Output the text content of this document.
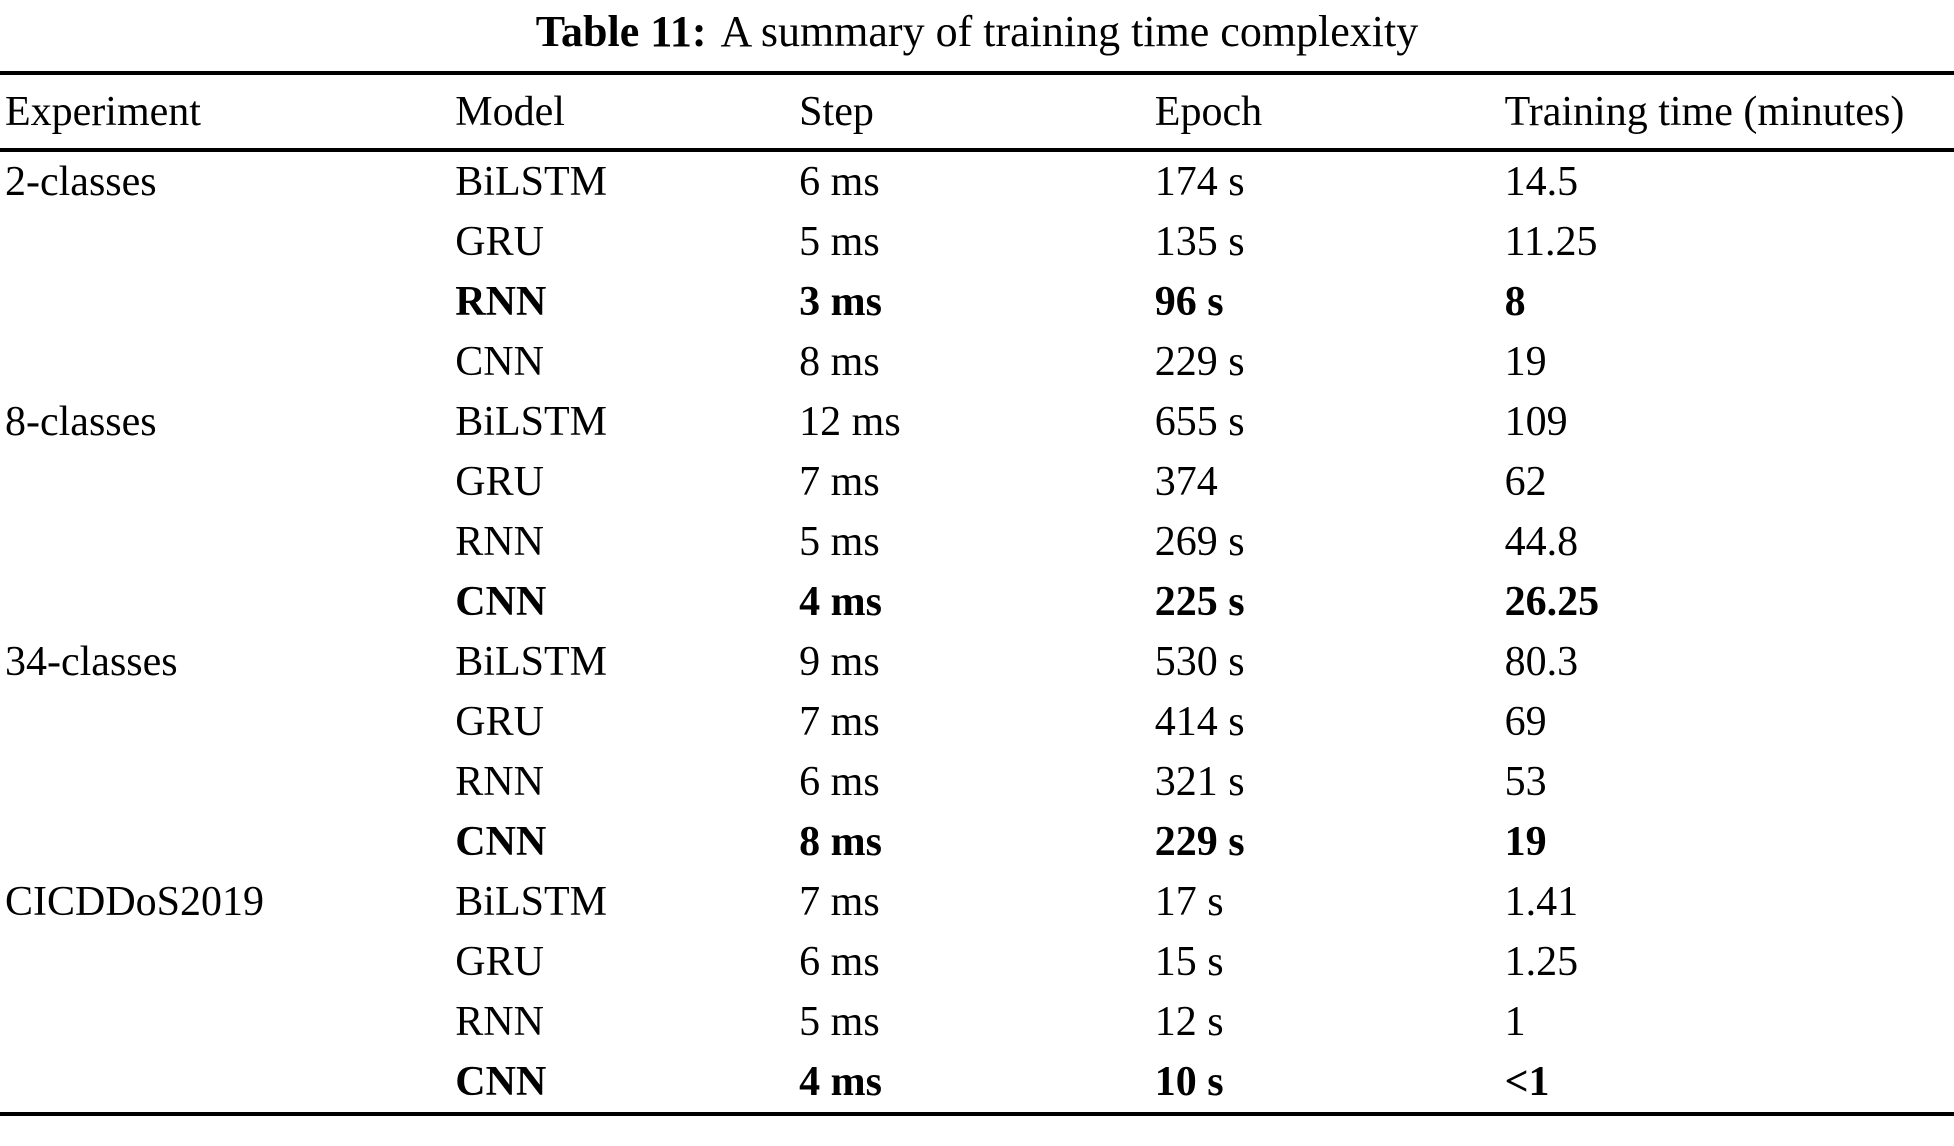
Table 11: A summary of training time complexity
Experiment	Model	Step	Epoch	Training time (minutes)
2-classes	BiLSTM	6 ms	174 s	14.5
	GRU	5 ms	135 s	11.25
	RNN	3 ms	96 s	8
	CNN	8 ms	229 s	19
8-classes	BiLSTM	12 ms	655 s	109
	GRU	7 ms	374	62
	RNN	5 ms	269 s	44.8
	CNN	4 ms	225 s	26.25
34-classes	BiLSTM	9 ms	530 s	80.3
	GRU	7 ms	414 s	69
	RNN	6 ms	321 s	53
	CNN	8 ms	229 s	19
CICDDoS2019	BiLSTM	7 ms	17 s	1.41
	GRU	6 ms	15 s	1.25
	RNN	5 ms	12 s	1
	CNN	4 ms	10 s	<1
